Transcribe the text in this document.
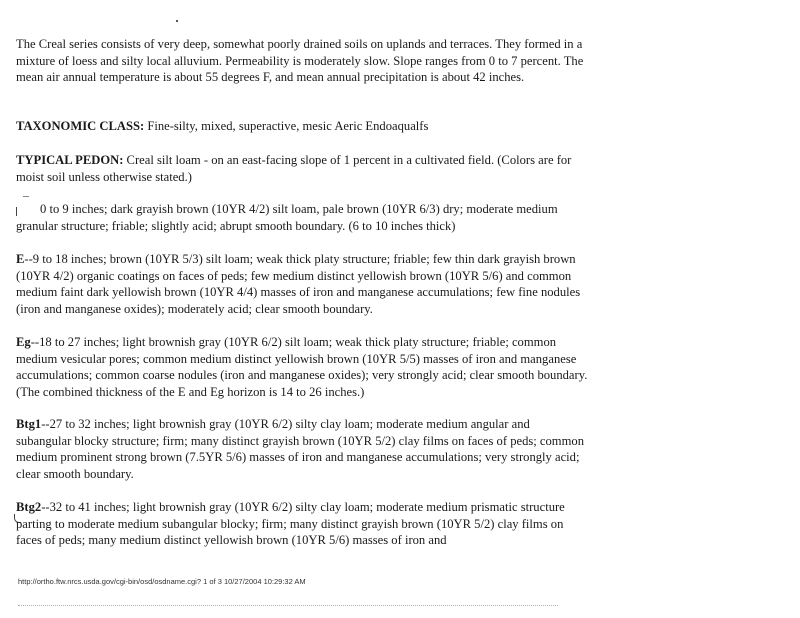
The Creal series consists of very deep, somewhat poorly drained soils on uplands and terraces. They formed in a mixture of loess and silty local alluvium. Permeability is moderately slow. Slope ranges from 0 to 7 percent. The mean air annual temperature is about 55 degrees F, and mean annual precipitation is about 42 inches.

TAXONOMIC CLASS: Fine-silty, mixed, superactive, mesic Aeric Endoaqualfs

TYPICAL PEDON: Creal silt loam - on an east-facing slope of 1 percent in a cultivated field. (Colors are for moist soil unless otherwise stated.)

0 to 9 inches; dark grayish brown (10YR 4/2) silt loam, pale brown (10YR 6/3) dry; moderate medium granular structure; friable; slightly acid; abrupt smooth boundary. (6 to 10 inches thick)

E--9 to 18 inches; brown (10YR 5/3) silt loam; weak thick platy structure; friable; few thin dark grayish brown (10YR 4/2) organic coatings on faces of peds; few medium distinct yellowish brown (10YR 5/6) and common medium faint dark yellowish brown (10YR 4/4) masses of iron and manganese accumulations; few fine nodules (iron and manganese oxides); moderately acid; clear smooth boundary.

Eg--18 to 27 inches; light brownish gray (10YR 6/2) silt loam; weak thick platy structure; friable; common medium vesicular pores; common medium distinct yellowish brown (10YR 5/5) masses of iron and manganese accumulations; common coarse nodules (iron and manganese oxides); very strongly acid; clear smooth boundary. (The combined thickness of the E and Eg horizon is 14 to 26 inches.)

Btg1--27 to 32 inches; light brownish gray (10YR 6/2) silty clay loam; moderate medium angular and subangular blocky structure; firm; many distinct grayish brown (10YR 5/2) clay films on faces of peds; common medium prominent strong brown (7.5YR 5/6) masses of iron and manganese accumulations; very strongly acid; clear smooth boundary.

Btg2--32 to 41 inches; light brownish gray (10YR 6/2) silty clay loam; moderate medium prismatic structure parting to moderate medium subangular blocky; firm; many distinct grayish brown (10YR 5/2) clay films on faces of peds; many medium distinct yellowish brown (10YR 5/6) masses of iron and

http://ortho.ftw.nrcs.usda.gov/cgi-bin/osd/osdname.cgi? 1 of 3 10/27/2004 10:29:32 AM
